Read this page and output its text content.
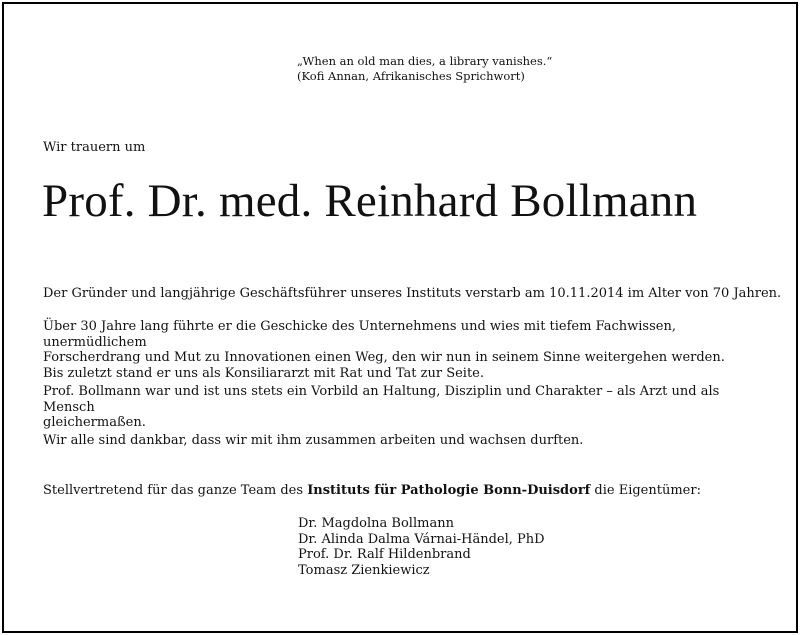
„When an old man dies, a library vanishes.“
(Kofi Annan, Afrikanisches Sprichwort)
Wir trauern um
Prof. Dr. med. Reinhard Bollmann

Der Gründer und langjährige Geschäftsführer unseres Instituts verstarb am 10.11.2014 im Alter von 70 Jahren.

Über 30 Jahre lang führte er die Geschicke des Unternehmens und wies mit tiefem Fachwissen, unermüdlichem

Forscherdrang und Mut zu Innovationen einen Weg, den wir nun in seinem Sinne weitergehen werden.

Bis zuletzt stand er uns als Konsiliararzt mit Rat und Tat zur Seite.

Prof. Bollmann war und ist uns stets ein Vorbild an Haltung, Disziplin und Charakter – als Arzt und als Mensch

gleichermaßen.

Wir alle sind dankbar, dass wir mit ihm zusammen arbeiten und wachsen durften.

Stellvertretend für das ganze Team des Instituts für Pathologie Bonn-Duisdorf die Eigentümer:

Dr. Magdolna Bollmann
Dr. Alinda Dalma Várnai-Händel, PhD
Prof. Dr. Ralf Hildenbrand
Tomasz Zienkiewicz
